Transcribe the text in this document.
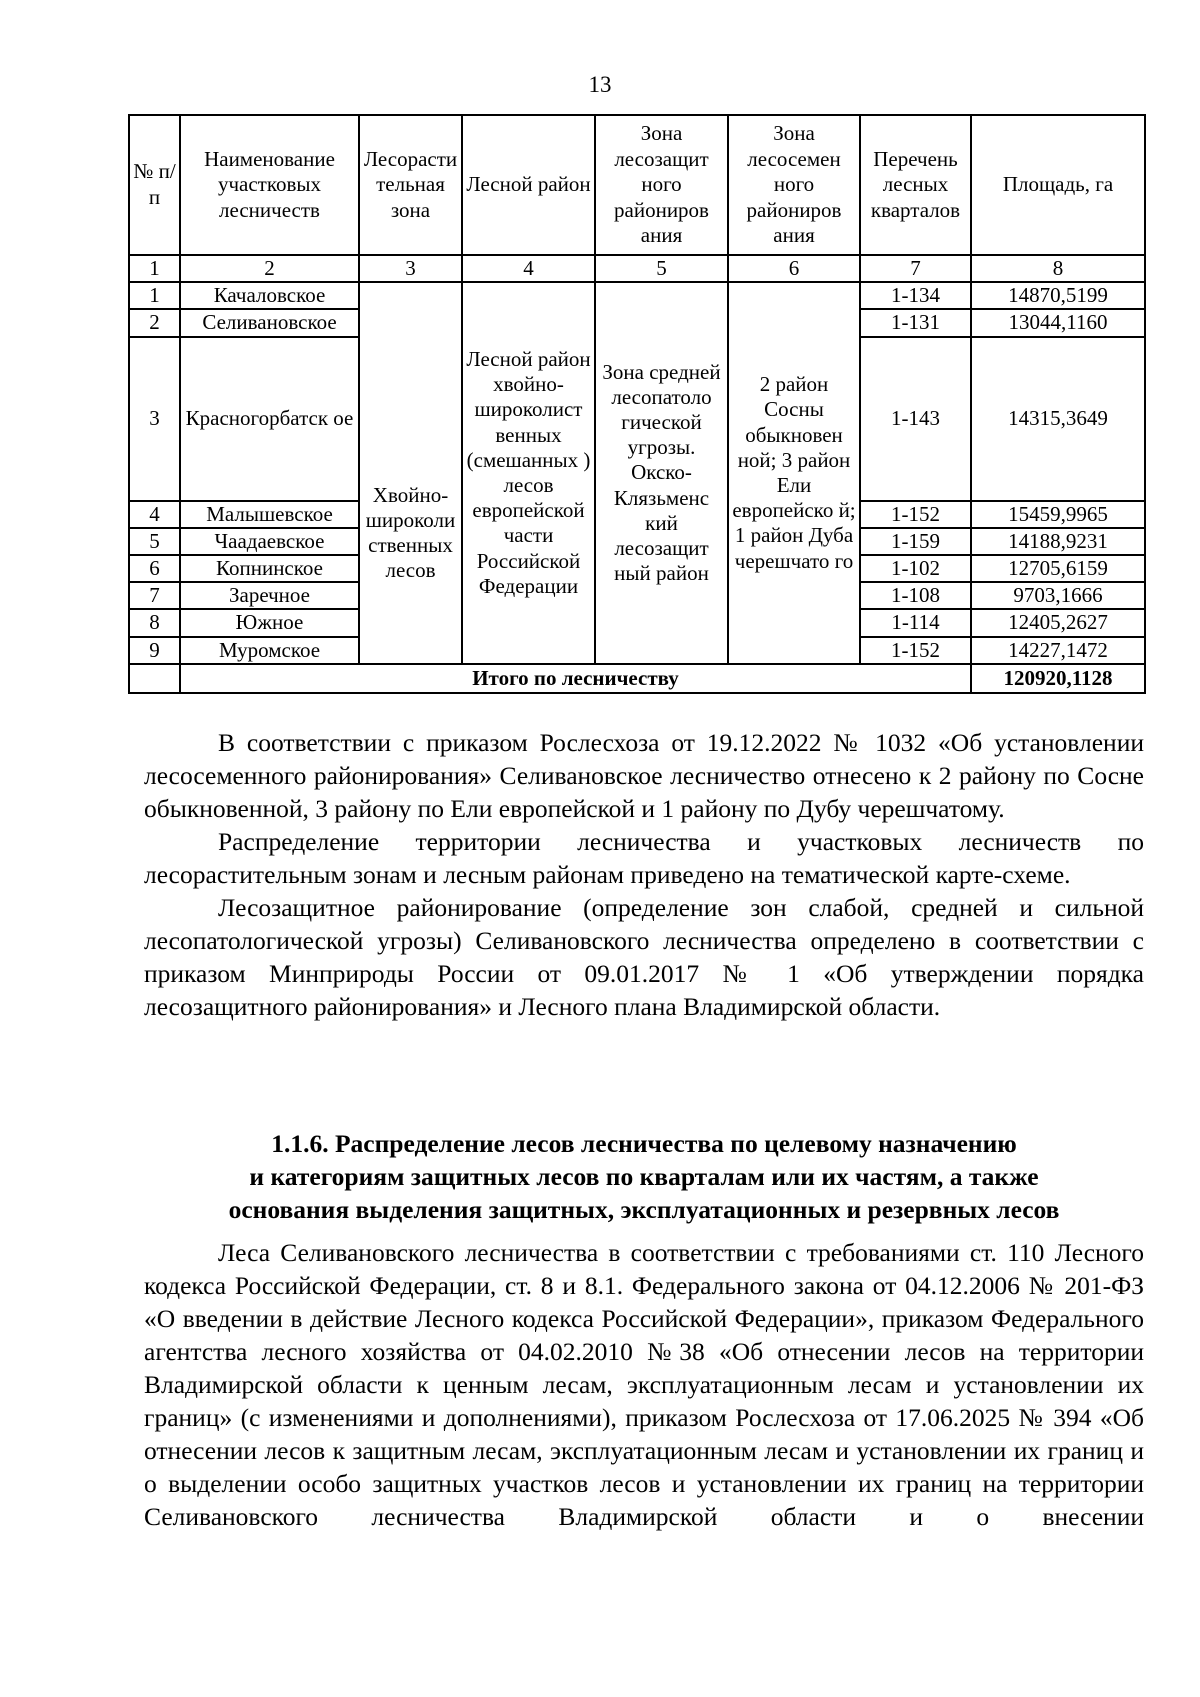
13
№ п/п	Наименование участковых лесничеств	Лесорасти тельная зона	Лесной район	Зона лесозащит ного райониров ания	Зона лесосемен ного райониров ания	Перечень лесных кварталов	Площадь, га
1	2	3	4	5	6	7	8
1	Качаловское	Хвойно-широколи ственных лесов	Лесной район хвойно-широколист венных (смешанных ) лесов европейской части Российской Федерации	Зона средней лесопатоло гической угрозы. Окско-Клязьменс кий лесозащит ный район	2 район Сосны обыкновен ной; 3 район Ели европейско й; 1 район Дуба черешчато го	1-134	14870,5199
2	Селивановское					1-131	13044,1160
3	Красногорбатск ое					1-143	14315,3649
4	Малышевское					1-152	15459,9965
5	Чаадаевское					1-159	14188,9231
6	Копнинское					1-102	12705,6159
7	Заречное					1-108	9703,1666
8	Южное					1-114	12405,2627
9	Муромское					1-152	14227,1472
	Итого по лесничеству						120920,1128

В соответствии с приказом Рослесхоза от 19.12.2022 № 1032 «Об установлении лесосеменного районирования» Селивановское лесничество отнесено к 2 району по Сосне обыкновенной, 3 району по Ели европейской и 1 району по Дубу черешчатому.

Распределение территории лесничества и участковых лесничеств по лесорастительным зонам и лесным районам приведено на тематической карте-схеме.

Лесозащитное районирование (определение зон слабой, средней и сильной лесопатологической угрозы) Селивановского лесничества определено в соответствии с приказом Минприроды России от 09.01.2017 № 1 «Об утверждении порядка лесозащитного районирования» и Лесного плана Владимирской области.

1.1.6. Распределение лесов лесничества по целевому назначению
и категориям защитных лесов по кварталам или их частям, а также
основания выделения защитных, эксплуатационных и резервных лесов

Леса Селивановского лесничества в соответствии с требованиями ст. 110 Лесного кодекса Российской Федерации, ст. 8 и 8.1. Федерального закона от 04.12.2006 № 201-ФЗ «О введении в действие Лесного кодекса Российской Федерации», приказом Федерального агентства лесного хозяйства от 04.02.2010 №38 «Об отнесении лесов на территории Владимирской области к ценным лесам, эксплуатационным лесам и установлении их границ» (с изменениями и дополнениями), приказом Рослесхоза от 17.06.2025 № 394 «Об отнесении лесов к защитным лесам, эксплуатационным лесам и установлении их границ и о выделении особо защитных участков лесов и установлении их границ на территории Селивановского лесничества Владимирской области и о внесении
